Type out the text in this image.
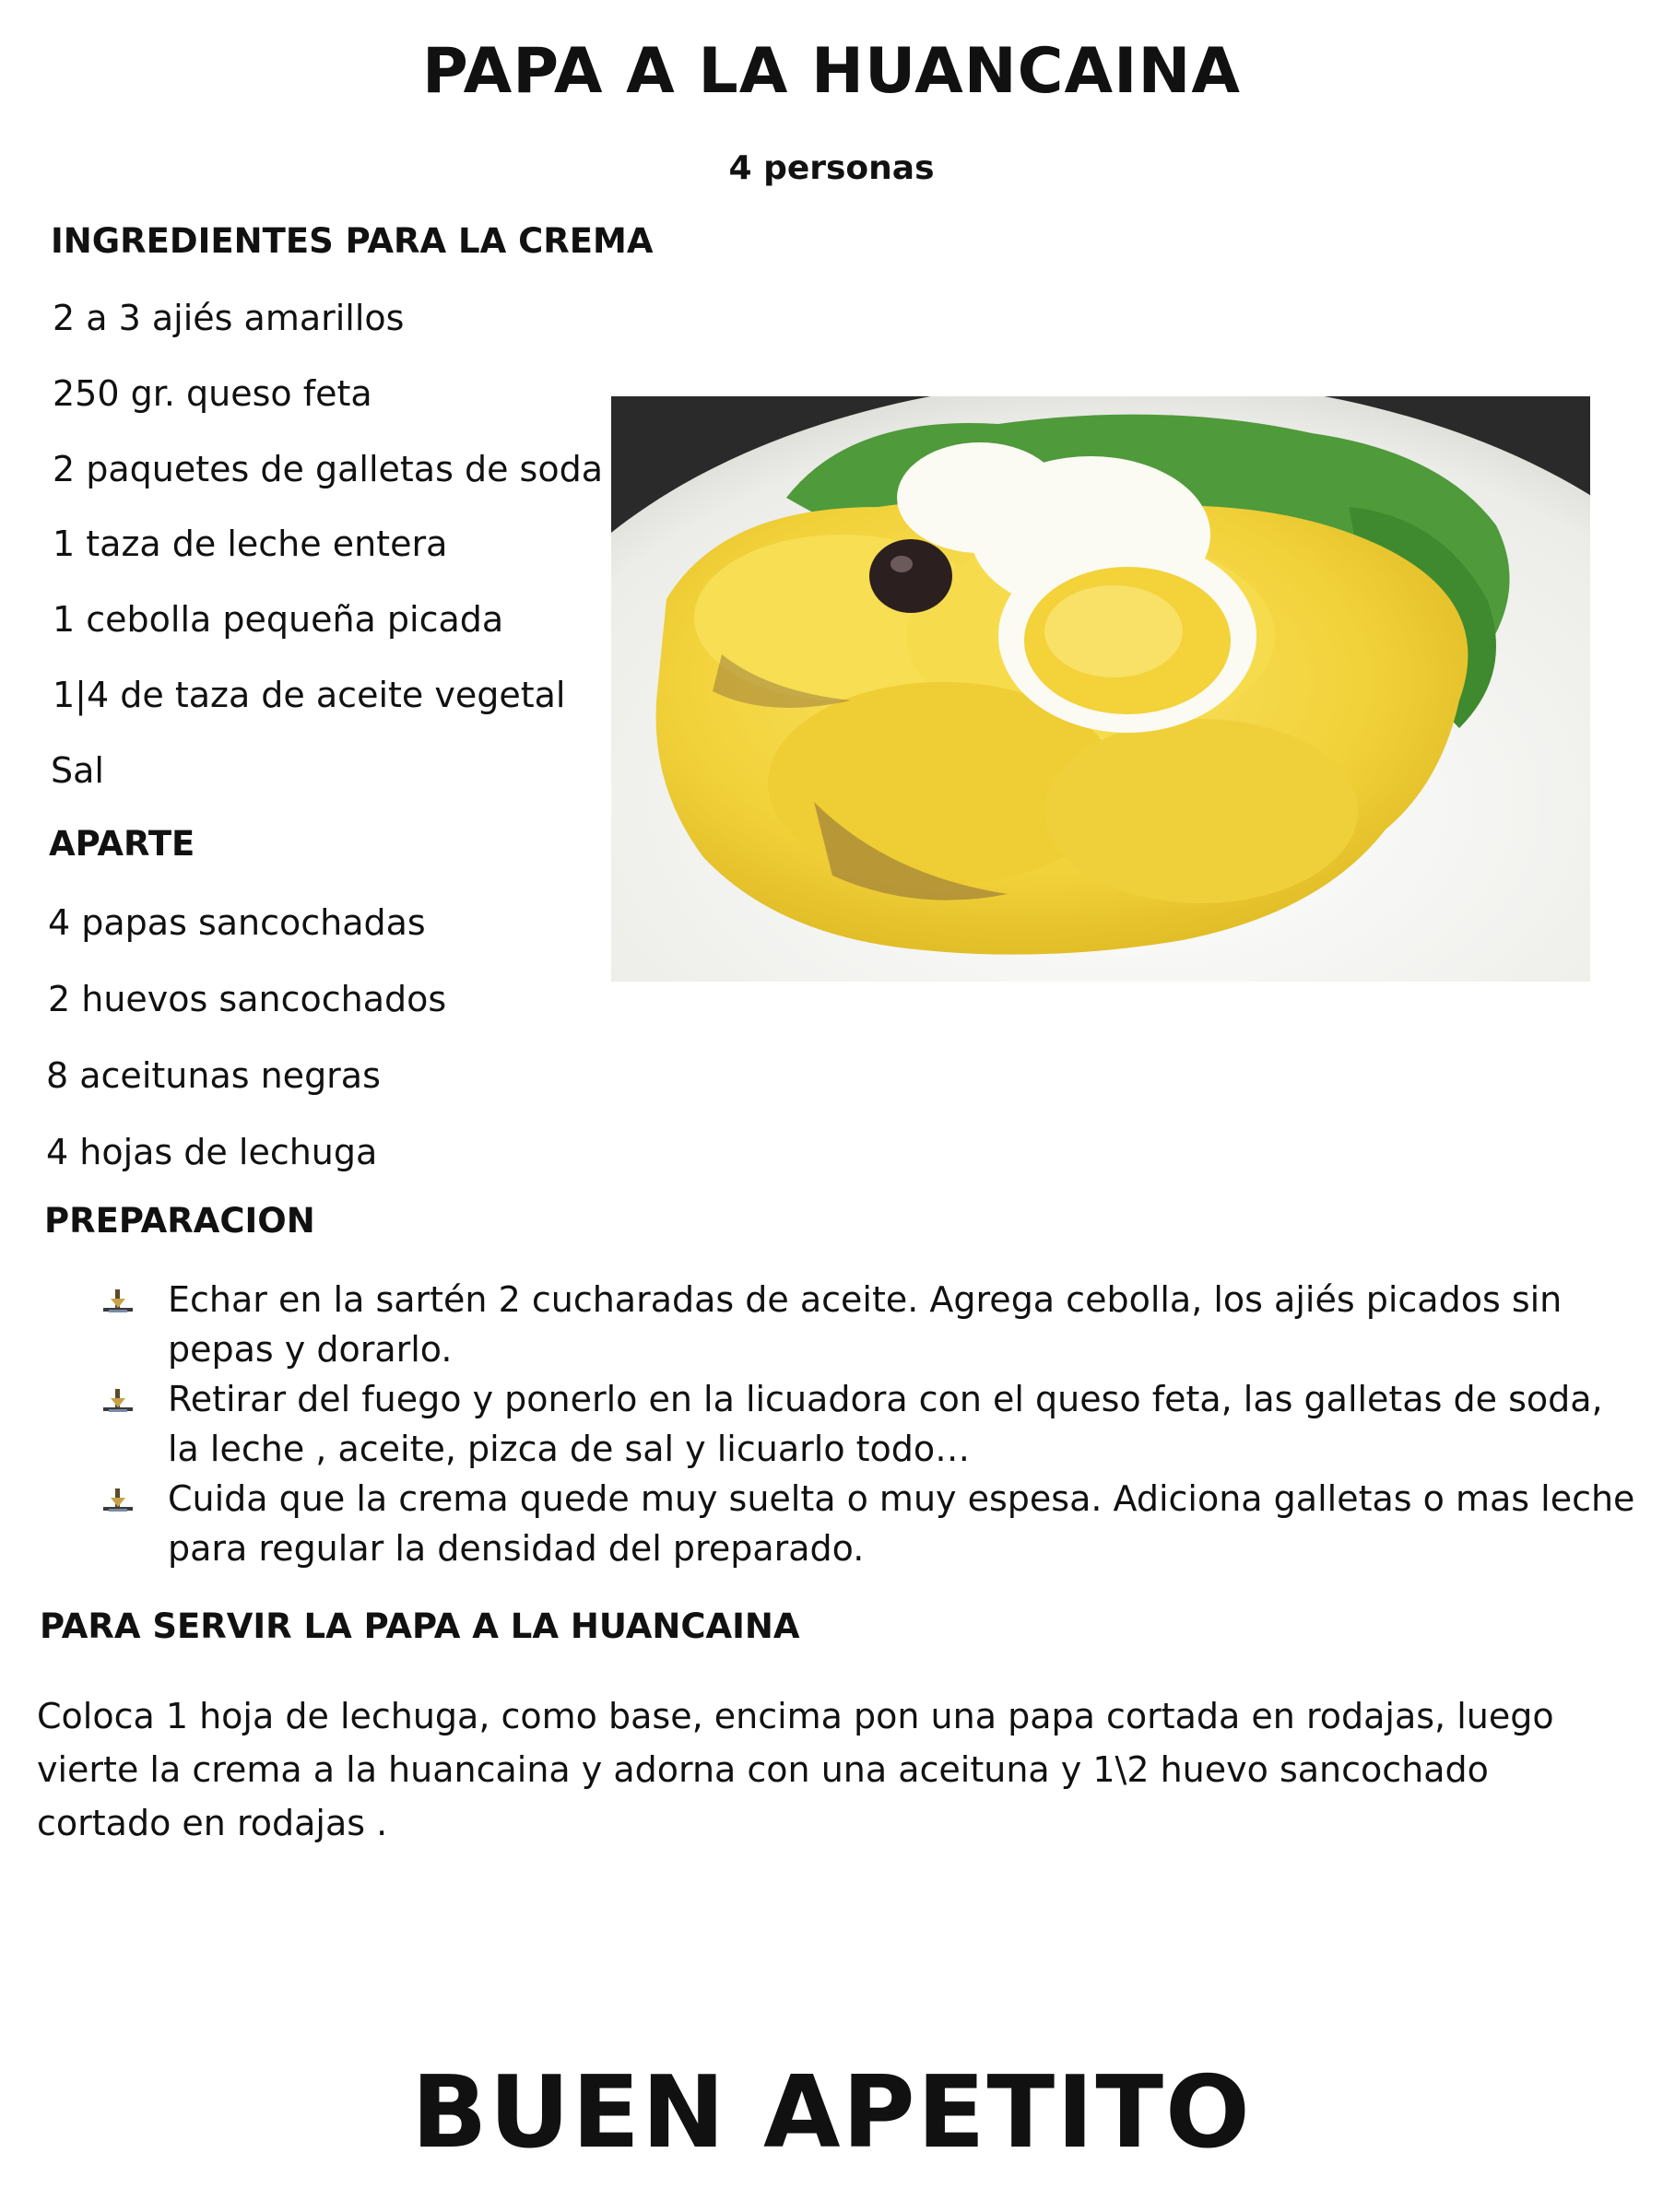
PAPA A LA HUANCAINA

4 personas

INGREDIENTES PARA LA CREMA

2 a 3 ajiés amarillos

250 gr. queso feta

2 paquetes de galletas de soda

1 taza de leche entera

1 cebolla pequeña picada

1|4 de taza de aceite vegetal

Sal

APARTE

4 papas sancochadas

2 huevos sancochados

8 aceitunas negras

4 hojas de lechuga

PREPARACION

Echar en la sartén 2 cucharadas de aceite. Agrega cebolla, los ajiés picados sin pepas y dorarlo.
Retirar del fuego y ponerlo en la licuadora con el queso feta, las galletas de soda, la leche , aceite, pizca de sal y licuarlo todo…
Cuida que la crema quede muy suelta o muy espesa. Adiciona galletas o mas leche para regular la densidad del preparado.

PARA SERVIR LA PAPA A LA HUANCAINA

Coloca 1 hoja de lechuga, como base, encima pon una papa cortada en rodajas, luego vierte la crema a la huancaina y adorna con una aceituna y 1\2 huevo sancochado cortado en rodajas .

BUEN APETITO
